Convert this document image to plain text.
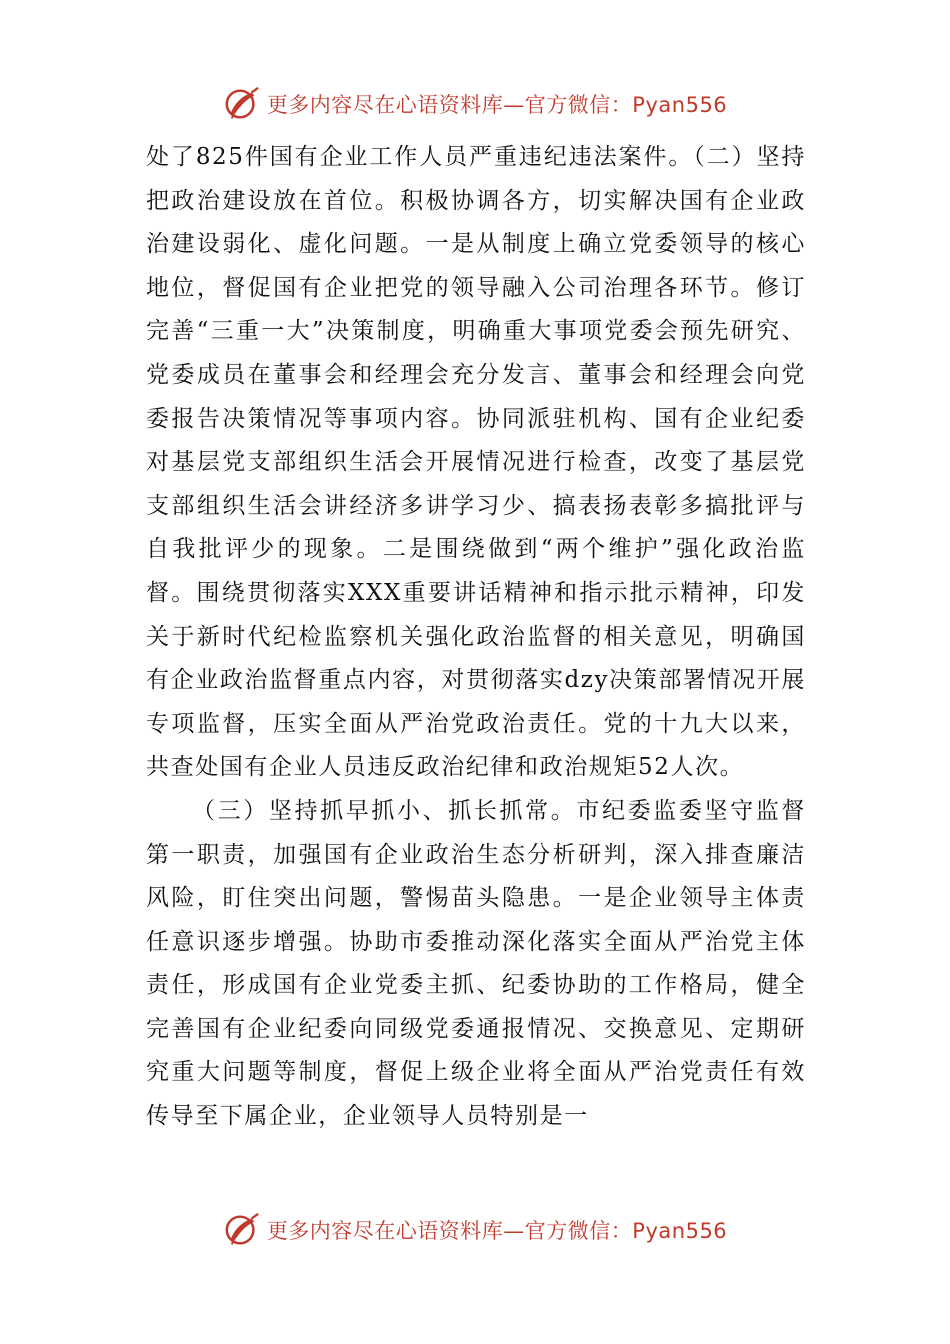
更多内容尽在心语资料库—官方微信：Pyan556

处了825件国有企业工作人员严重违纪违法案件。（二）坚持把政治建设放在首位。积极协调各方，切实解决国有企业政治建设弱化、虚化问题。一是从制度上确立党委领导的核心地位，督促国有企业把党的领导融入公司治理各环节。修订完善“三重一大”决策制度，明确重大事项党委会预先研究、党委成员在董事会和经理会充分发言、董事会和经理会向党委报告决策情况等事项内容。协同派驻机构、国有企业纪委对基层党支部组织生活会开展情况进行检查，改变了基层党支部组织生活会讲经济多讲学习少、搞表扬表彰多搞批评与自我批评少的现象。二是围绕做到“两个维护”强化政治监督。围绕贯彻落实XXX重要讲话精神和指示批示精神，印发关于新时代纪检监察机关强化政治监督的相关意见，明确国有企业政治监督重点内容，对贯彻落实dzy决策部署情况开展专项监督，压实全面从严治党政治责任。党的十九大以来，共查处国有企业人员违反政治纪律和政治规矩52人次。

（三）坚持抓早抓小、抓长抓常。市纪委监委坚守监督第一职责，加强国有企业政治生态分析研判，深入排查廉洁风险，盯住突出问题，警惕苗头隐患。一是企业领导主体责任意识逐步增强。协助市委推动深化落实全面从严治党主体责任，形成国有企业党委主抓、纪委协助的工作格局，健全完善国有企业纪委向同级党委通报情况、交换意见、定期研究重大问题等制度，督促上级企业将全面从严治党责任有效传导至下属企业，企业领导人员特别是一

更多内容尽在心语资料库—官方微信：Pyan556
